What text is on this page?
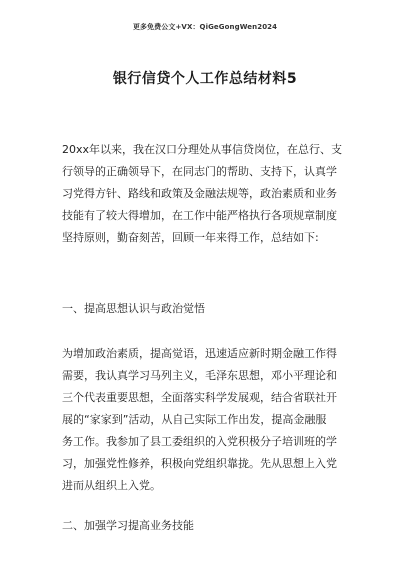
更多免费公文+VX：QiGeGongWen2024
银行信贷个人工作总结材料5

20xx年以来，我在汉口分理处从事信贷岗位，在总行、支
行领导的正确领导下，在同志门的帮助、支持下，认真学
习党得方针、路线和政策及金融法规等，政治素质和业务
技能有了较大得增加，在工作中能严格执行各项规章制度
坚持原则，勤奋刻苦，回顾一年来得工作，总结如下:

一、提高思想认识与政治觉悟

为增加政治素质，提高觉语，迅速适应新时期金融工作得
需要，我认真学习马列主义，毛泽东思想，邓小平理论和
三个代表重要思想，全面落实科学发展观，结合省联社开
展的“家家到”活动，从自己实际工作出发，提高金融服
务工作。我参加了县工委组织的入党积极分子培训班的学
习，加强党性修养，积极向党组织靠拢。先从思想上入党
进而从组织上入党。

二、加强学习提高业务技能
